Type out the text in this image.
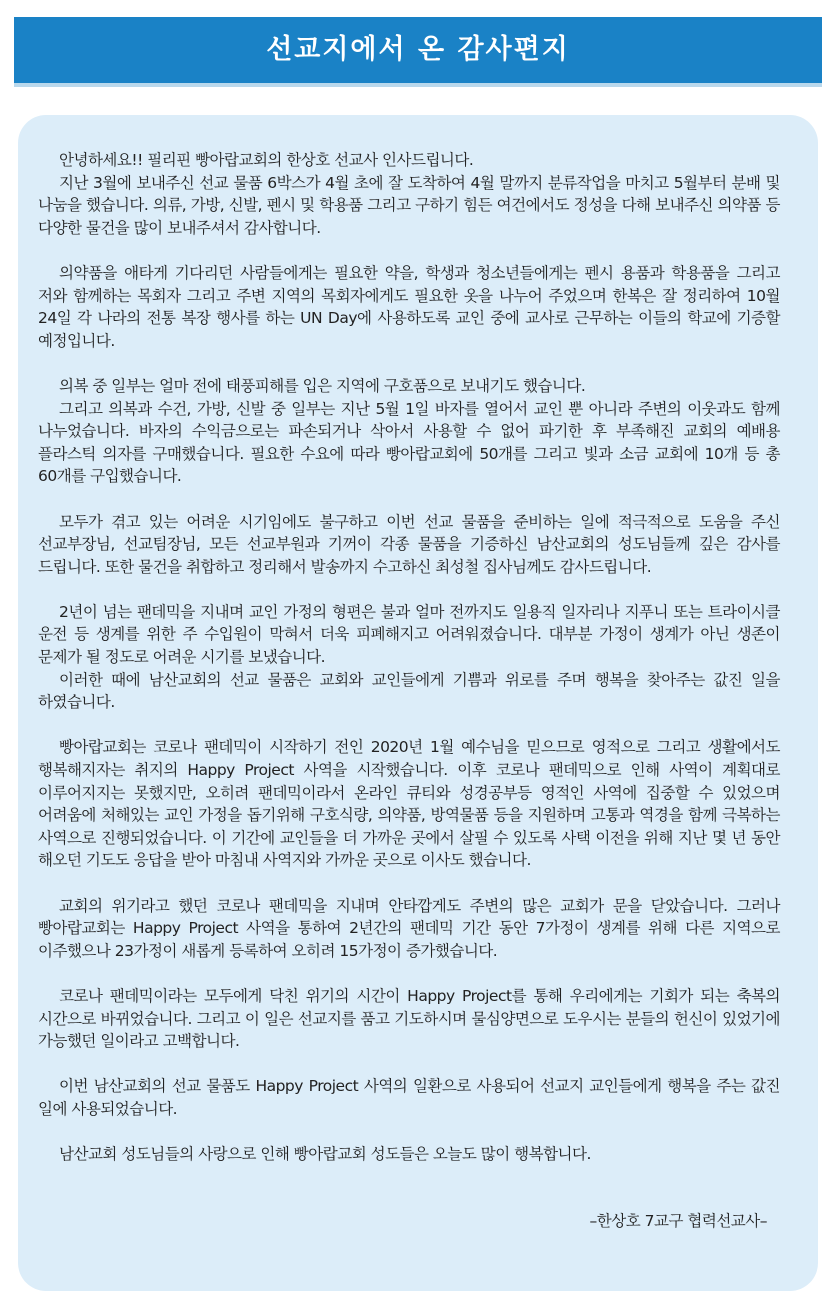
선교지에서 온 감사편지
안녕하세요!! 필리핀 빵아랍교회의 한상호 선교사 인사드립니다.
지난 3월에 보내주신 선교 물품 6박스가 4월 초에 잘 도착하여 4월 말까지 분류작업을 마치고 5월부터 분배 및 나눔을 했습니다. 의류, 가방, 신발, 펜시 및 학용품 그리고 구하기 힘든 여건에서도 정성을 다해 보내주신 의약품 등 다양한 물건을 많이 보내주셔서 감사합니다.
의약품을 애타게 기다리던 사람들에게는 필요한 약을, 학생과 청소년들에게는 펜시 용품과 학용품을 그리고 저와 함께하는 목회자 그리고 주변 지역의 목회자에게도 필요한 옷을 나누어 주었으며 한복은 잘 정리하여 10월 24일 각 나라의 전통 복장 행사를 하는 UN Day에 사용하도록 교인 중에 교사로 근무하는 이들의 학교에 기증할 예정입니다.
의복 중 일부는 얼마 전에 태풍피해를 입은 지역에 구호품으로 보내기도 했습니다.
그리고 의복과 수건, 가방, 신발 중 일부는 지난 5월 1일 바자를 열어서 교인 뿐 아니라 주변의 이웃과도 함께 나누었습니다. 바자의 수익금으로는 파손되거나 삭아서 사용할 수 없어 파기한 후 부족해진 교회의 예배용 플라스틱 의자를 구매했습니다. 필요한 수요에 따라 빵아랍교회에 50개를 그리고 빛과 소금 교회에 10개 등 총 60개를 구입했습니다.
모두가 겪고 있는 어려운 시기임에도 불구하고 이번 선교 물품을 준비하는 일에 적극적으로 도움을 주신 선교부장님, 선교팀장님, 모든 선교부원과 기꺼이 각종 물품을 기증하신 남산교회의 성도님들께 깊은 감사를 드립니다. 또한 물건을 취합하고 정리해서 발송까지 수고하신 최성철 집사님께도 감사드립니다.
2년이 넘는 팬데믹을 지내며 교인 가정의 형편은 불과 얼마 전까지도 일용직 일자리나 지푸니 또는 트라이시클 운전 등 생계를 위한 주 수입원이 막혀서 더욱 피폐해지고 어려워졌습니다. 대부분 가정이 생계가 아닌 생존이 문제가 될 정도로 어려운 시기를 보냈습니다.
이러한 때에 남산교회의 선교 물품은 교회와 교인들에게 기쁨과 위로를 주며 행복을 찾아주는 값진 일을 하였습니다.
빵아랍교회는 코로나 팬데믹이 시작하기 전인 2020년 1월 예수님을 믿으므로 영적으로 그리고 생활에서도 행복해지자는 취지의 Happy Project 사역을 시작했습니다. 이후 코로나 팬데믹으로 인해 사역이 계획대로 이루어지지는 못했지만, 오히려 팬데믹이라서 온라인 큐티와 성경공부등 영적인 사역에 집중할 수 있었으며 어려움에 처해있는 교인 가정을 돕기위해 구호식량, 의약품, 방역물품 등을 지원하며 고통과 역경을 함께 극복하는 사역으로 진행되었습니다. 이 기간에 교인들을 더 가까운 곳에서 살필 수 있도록 사택 이전을 위해 지난 몇 년 동안 해오던 기도도 응답을 받아 마침내 사역지와 가까운 곳으로 이사도 했습니다.
교회의 위기라고 했던 코로나 팬데믹을 지내며 안타깝게도 주변의 많은 교회가 문을 닫았습니다. 그러나 빵아랍교회는 Happy Project 사역을 통하여 2년간의 팬데믹 기간 동안 7가정이 생계를 위해 다른 지역으로 이주했으나 23가정이 새롭게 등록하여 오히려 15가정이 증가했습니다.
코로나 팬데믹이라는 모두에게 닥친 위기의 시간이 Happy Project를 통해 우리에게는 기회가 되는 축복의 시간으로 바뀌었습니다. 그리고 이 일은 선교지를 품고 기도하시며 물심양면으로 도우시는 분들의 헌신이 있었기에 가능했던 일이라고 고백합니다.
이번 남산교회의 선교 물품도 Happy Project 사역의 일환으로 사용되어 선교지 교인들에게 행복을 주는 값진 일에 사용되었습니다.
남산교회 성도님들의 사랑으로 인해 빵아랍교회 성도들은 오늘도 많이 행복합니다.
–한상호 7교구 협력선교사–
